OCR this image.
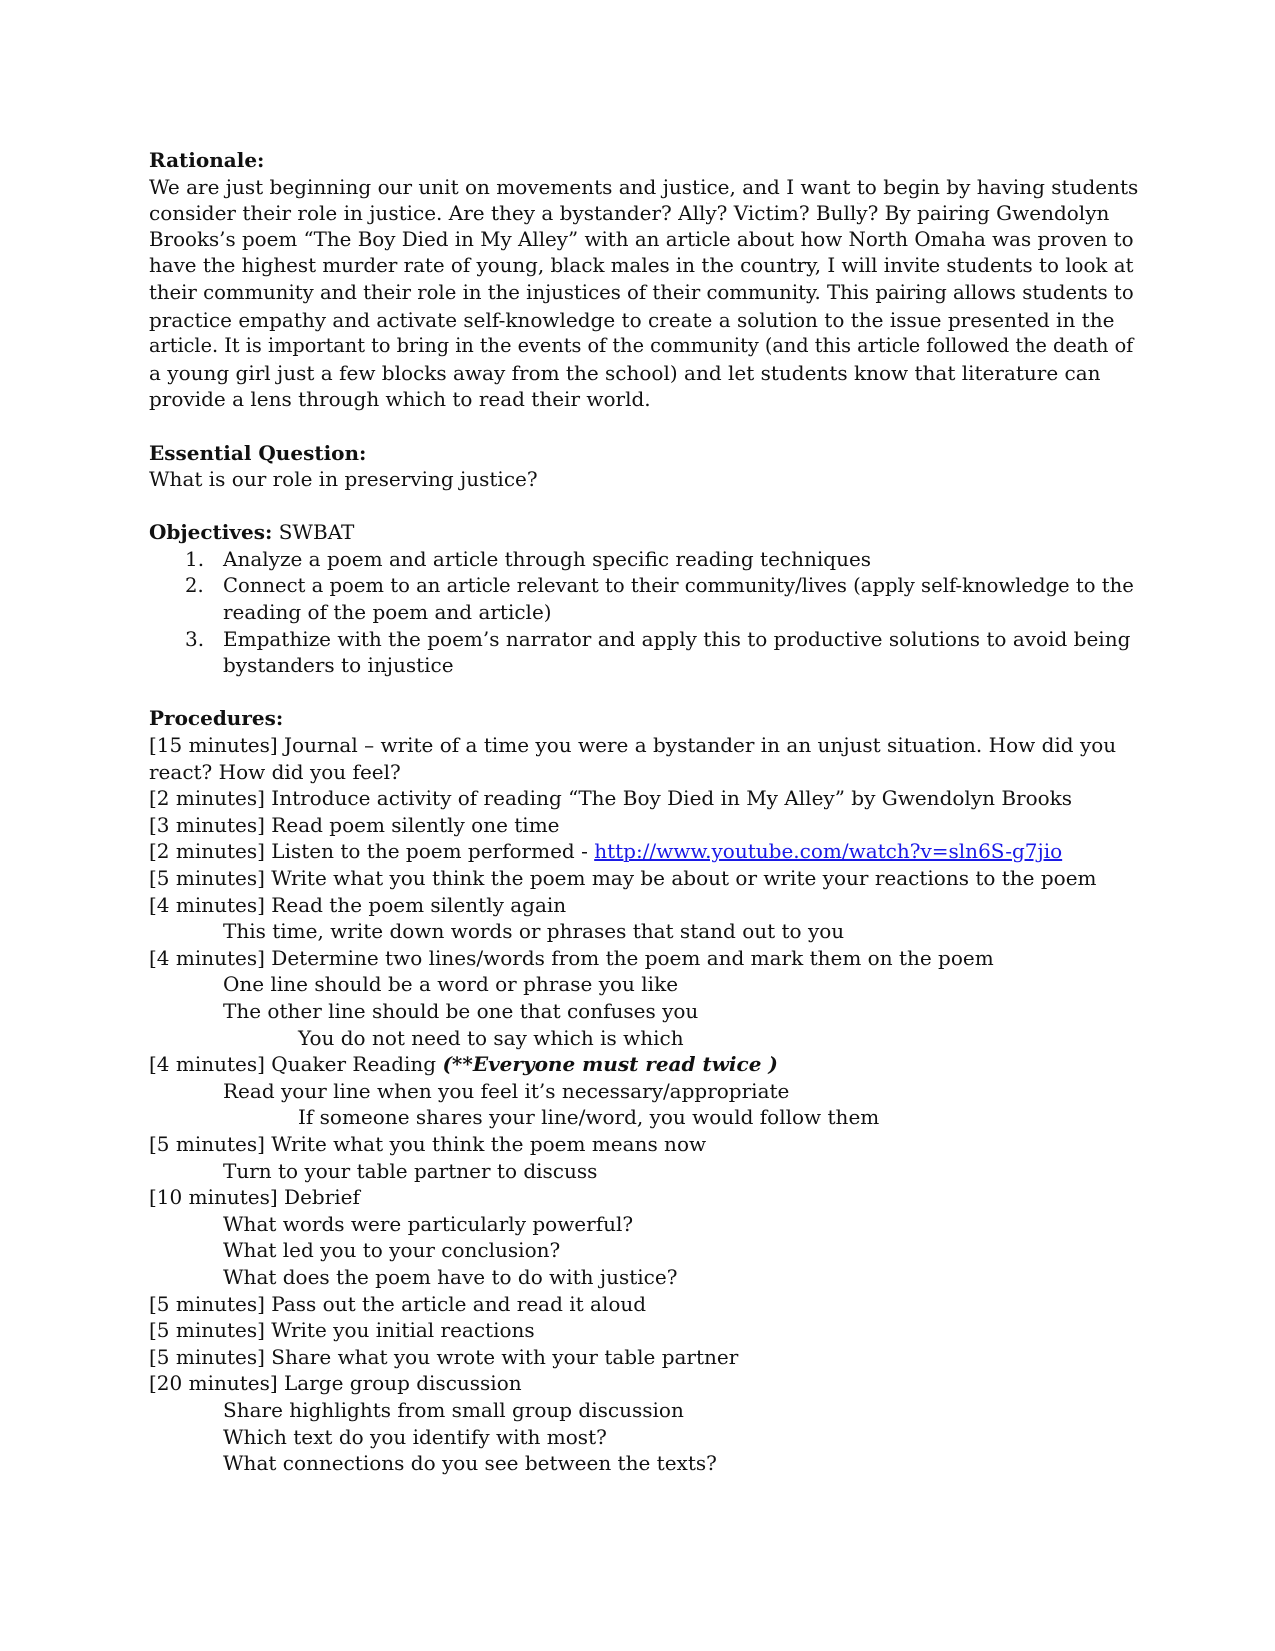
Rationale:
We are just beginning our unit on movements and justice, and I want to begin by having students
consider their role in justice. Are they a bystander? Ally? Victim? Bully? By pairing Gwendolyn
Brooks’s poem “The Boy Died in My Alley” with an article about how North Omaha was proven to
have the highest murder rate of young, black males in the country, I will invite students to look at
their community and their role in the injustices of their community. This pairing allows students to
practice empathy and activate self-knowledge to create a solution to the issue presented in the
article. It is important to bring in the events of the community (and this article followed the death of
a young girl just a few blocks away from the school) and let students know that literature can
provide a lens through which to read their world.
Essential Question:
What is our role in preserving justice?
Objectives: SWBAT
1. Analyze a poem and article through specific reading techniques
2. Connect a poem to an article relevant to their community/lives (apply self-knowledge to the
reading of the poem and article)
3. Empathize with the poem’s narrator and apply this to productive solutions to avoid being
bystanders to injustice
Procedures:
[15 minutes] Journal – write of a time you were a bystander in an unjust situation. How did you
react? How did you feel?
[2 minutes] Introduce activity of reading “The Boy Died in My Alley” by Gwendolyn Brooks
[3 minutes] Read poem silently one time
[2 minutes] Listen to the poem performed - http://www.youtube.com/watch?v=sln6S-g7jio
[5 minutes] Write what you think the poem may be about or write your reactions to the poem
[4 minutes] Read the poem silently again
This time, write down words or phrases that stand out to you
[4 minutes] Determine two lines/words from the poem and mark them on the poem
One line should be a word or phrase you like
The other line should be one that confuses you
You do not need to say which is which
[4 minutes] Quaker Reading (**Everyone must read twice )
Read your line when you feel it’s necessary/appropriate
If someone shares your line/word, you would follow them
[5 minutes] Write what you think the poem means now
Turn to your table partner to discuss
[10 minutes] Debrief
What words were particularly powerful?
What led you to your conclusion?
What does the poem have to do with justice?
[5 minutes] Pass out the article and read it aloud
[5 minutes] Write you initial reactions
[5 minutes] Share what you wrote with your table partner
[20 minutes] Large group discussion
Share highlights from small group discussion
Which text do you identify with most?
What connections do you see between the texts?
